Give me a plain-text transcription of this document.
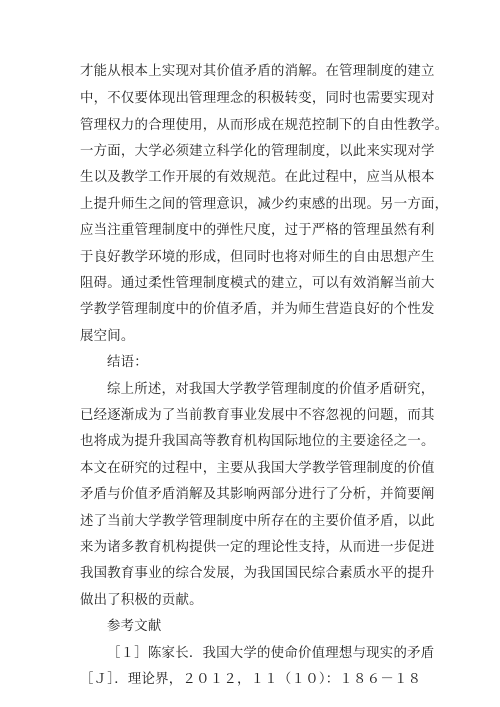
才能从根本上实现对其价值矛盾的消解。在管理制度的建立
中，不仅要体现出管理理念的积极转变，同时也需要实现对
管理权力的合理使用，从而形成在规范控制下的自由性教学。
一方面，大学必须建立科学化的管理制度，以此来实现对学
生以及教学工作开展的有效规范。在此过程中，应当从根本
上提升师生之间的管理意识，减少约束感的出现。另一方面，
应当注重管理制度中的弹性尺度，过于严格的管理虽然有利
于良好教学环境的形成，但同时也将对师生的自由思想产生
阻碍。通过柔性管理制度模式的建立，可以有效消解当前大
学教学管理制度中的价值矛盾，并为师生营造良好的个性发
展空间。
结语：
综上所述，对我国大学教学管理制度的价值矛盾研究，
已经逐渐成为了当前教育事业发展中不容忽视的问题，而其
也将成为提升我国高等教育机构国际地位的主要途径之一。
本文在研究的过程中，主要从我国大学教学管理制度的价值
矛盾与价值矛盾消解及其影响两部分进行了分析，并简要阐
述了当前大学教学管理制度中所存在的主要价值矛盾，以此
来为诸多教育机构提供一定的理论性支持，从而进一步促进
我国教育事业的综合发展，为我国国民综合素质水平的提升
做出了积极的贡献。
参考文献
［１］陈家长．我国大学的使命价值理想与现实的矛盾
［Ｊ］．理论界，２０１２，１１（１０）：１８６－１８
